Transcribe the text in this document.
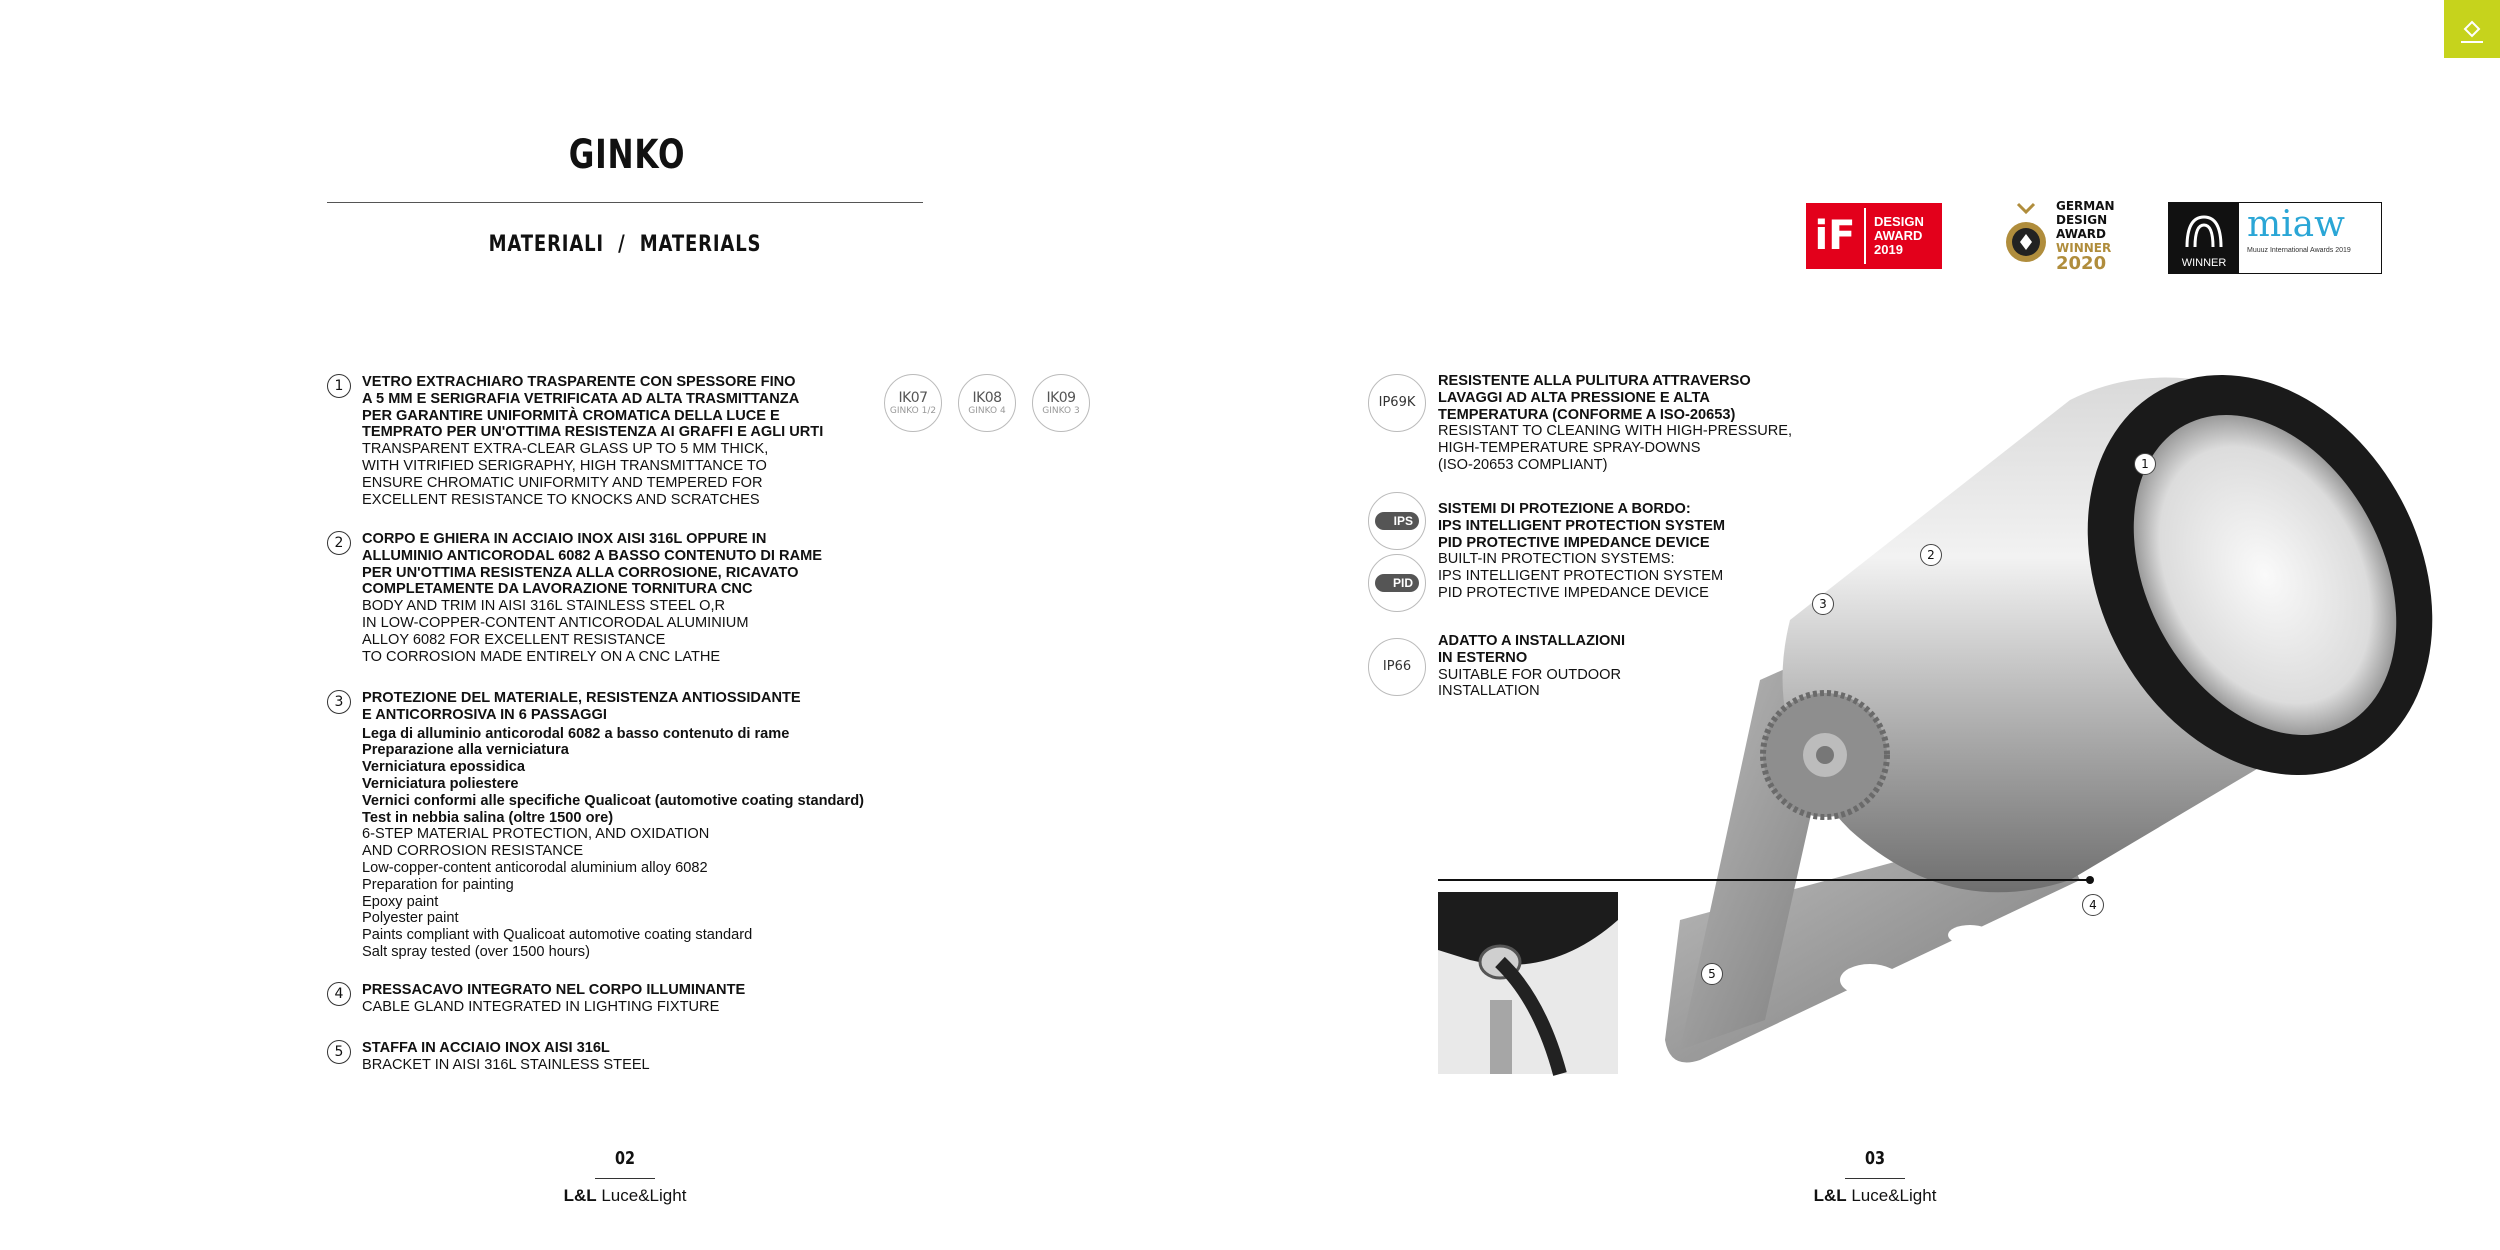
GINKO
MATERIALI  /  MATERIALS
1	VETRO EXTRACHIARO TRASPARENTE CON SPESSORE FINO
A 5 MM E SERIGRAFIA VETRIFICATA AD ALTA TRASMITTANZA
PER GARANTIRE UNIFORMITÀ CROMATICA DELLA LUCE E
TEMPRATO PER UN'OTTIMA RESISTENZA AI GRAFFI E AGLI URTI
TRANSPARENT EXTRA-CLEAR GLASS UP TO 5 MM THICK,
WITH VITRIFIED SERIGRAPHY, HIGH TRANSMITTANCE TO
ENSURE CHROMATIC UNIFORMITY AND TEMPERED FOR
EXCELLENT RESISTANCE TO KNOCKS AND SCRATCHES
2	CORPO E GHIERA IN ACCIAIO INOX AISI 316L OPPURE IN
ALLUMINIO ANTICORODAL 6082 A BASSO CONTENUTO DI RAME
PER UN'OTTIMA RESISTENZA ALLA CORROSIONE, RICAVATO
COMPLETAMENTE DA LAVORAZIONE TORNITURA CNC
BODY AND TRIM IN AISI 316L STAINLESS STEEL O,R
IN LOW-COPPER-CONTENT ANTICORODAL ALUMINIUM
ALLOY 6082 FOR EXCELLENT RESISTANCE
TO CORROSION MADE ENTIRELY ON A CNC LATHE
3	PROTEZIONE DEL MATERIALE, RESISTENZA ANTIOSSIDANTE
E ANTICORROSIVA IN 6 PASSAGGI
Lega di alluminio anticorodal 6082 a basso contenuto di rame
Preparazione alla verniciatura
Verniciatura epossidica
Verniciatura poliestere
Vernici conformi alle specifiche Qualicoat (automotive coating standard)
Test in nebbia salina (oltre 1500 ore)
6-STEP MATERIAL PROTECTION, AND OXIDATION
AND CORROSION RESISTANCE
Low-copper-content anticorodal aluminium alloy 6082
Preparation for painting
Epoxy paint
Polyester paint
Paints compliant with Qualicoat automotive coating standard
Salt spray tested (over 1500 hours)
4	PRESSACAVO INTEGRATO NEL CORPO ILLUMINANTE
CABLE GLAND INTEGRATED IN LIGHTING FIXTURE
5	STAFFA IN ACCIAIO INOX AISI 316L
BRACKET IN AISI 316L STAINLESS STEEL
IK07
GINKO 1/2
IK08
GINKO 4
IK09
GINKO 3
iF	DESIGN
AWARD
2019
GERMAN
DESIGN
AWARD
WINNER
2020	WINNER
miaw
Muuuz International Awards 2019
IP69K
RESISTENTE ALLA PULITURA ATTRAVERSO
LAVAGGI AD ALTA PRESSIONE E ALTA
TEMPERATURA (CONFORME A ISO-20653)
RESISTANT TO CLEANING WITH HIGH-PRESSURE,
HIGH-TEMPERATURE SPRAY-DOWNS
(ISO-20653 COMPLIANT)
IPS
PID
SISTEMI DI PROTEZIONE A BORDO:
IPS INTELLIGENT PROTECTION SYSTEM
PID PROTECTIVE IMPEDANCE DEVICE
BUILT-IN PROTECTION SYSTEMS:
IPS INTELLIGENT PROTECTION SYSTEM
PID PROTECTIVE IMPEDANCE DEVICE
IP66
ADATTO A INSTALLAZIONI
IN ESTERNO
SUITABLE FOR OUTDOOR
INSTALLATION
1
2
3
4
5
02
L&L Luce&Light
03
L&L Luce&Light
